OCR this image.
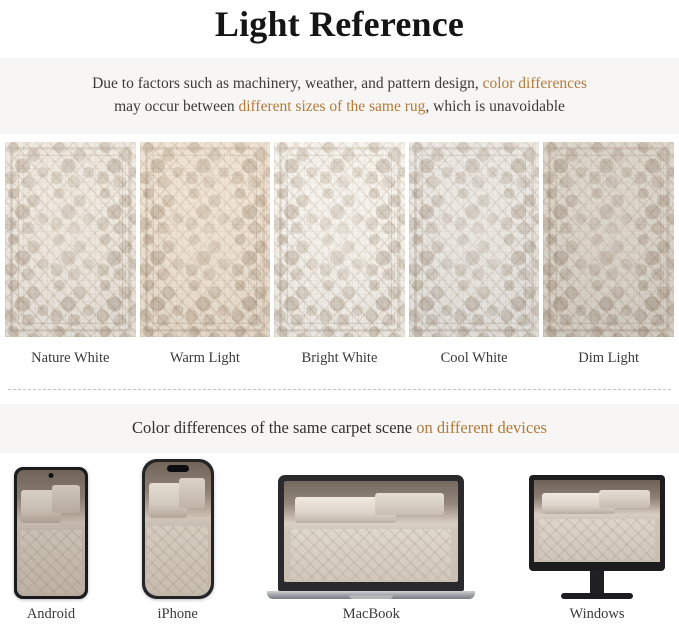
Light Reference
Due to factors such as machinery, weather, and pattern design, color differences
may occur between different sizes of the same rug, which is unavoidable
Nature White	Warm Light	Bright White	Cool White	Dim Light
Color differences of the same carpet scene on different devices
Android	iPhone	MacBook	Windows
